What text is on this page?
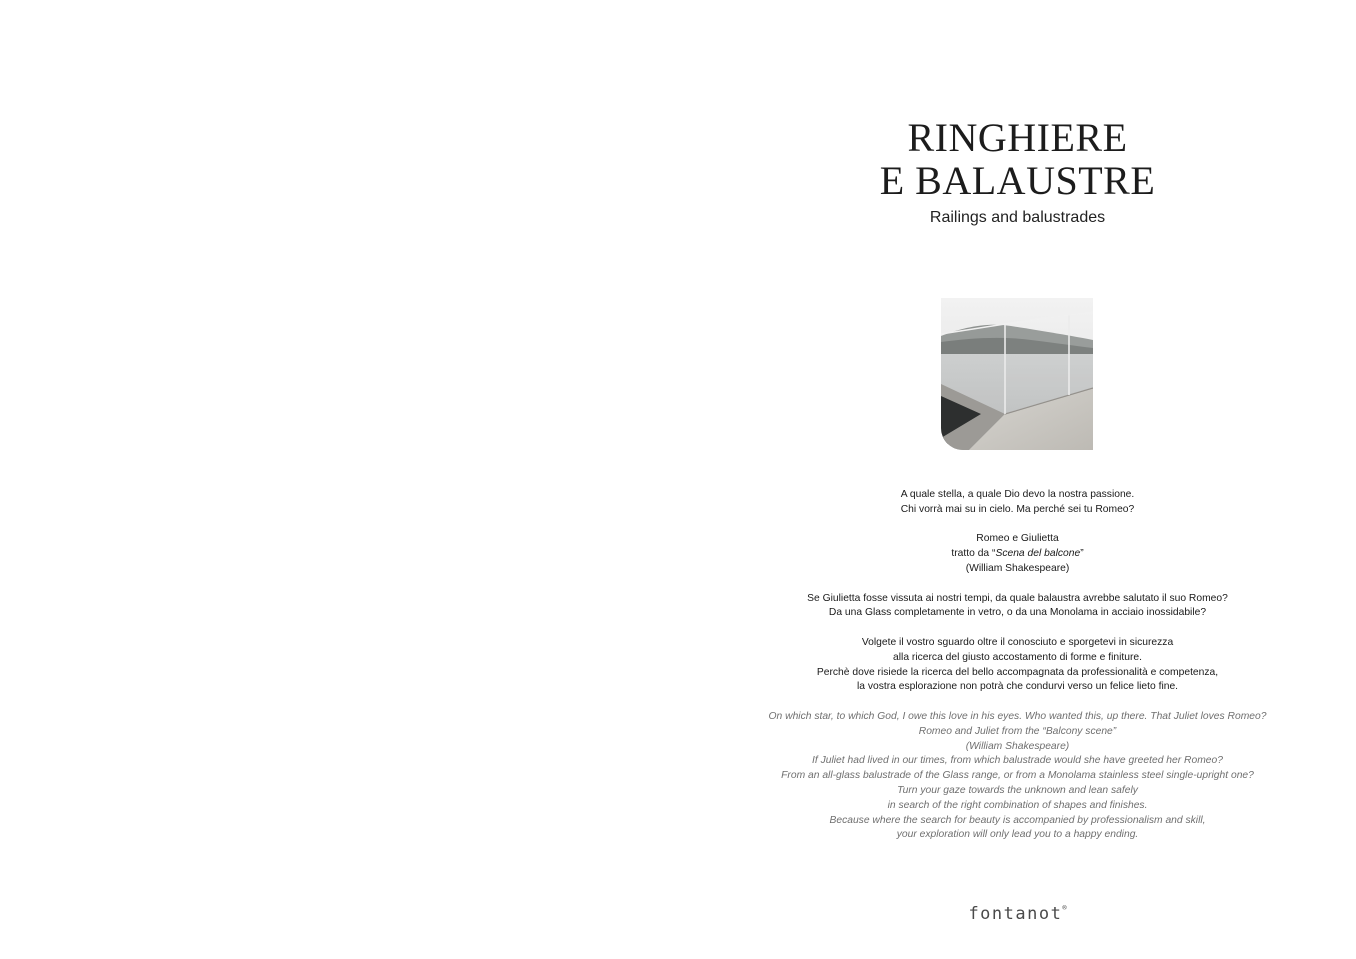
RINGHIERE
E BALAUSTRE
Railings and balustrades

A quale stella, a quale Dio devo la nostra passione.
Chi vorrà mai su in cielo. Ma perché sei tu Romeo?

Romeo e Giulietta
tratto da “Scena del balcone”
(William Shakespeare)

Se Giulietta fosse vissuta ai nostri tempi, da quale balaustra avrebbe salutato il suo Romeo?
Da una Glass completamente in vetro, o da una Monolama in acciaio inossidabile?

Volgete il vostro sguardo oltre il conosciuto e sporgetevi in sicurezza
alla ricerca del giusto accostamento di forme e finiture.
Perchè dove risiede la ricerca del bello accompagnata da professionalità e competenza,
la vostra esplorazione non potrà che condurvi verso un felice lieto fine.

On which star, to which God, I owe this love in his eyes. Who wanted this, up there. That Juliet loves Romeo?
Romeo and Juliet from the “Balcony scene”
(William Shakespeare)
If Juliet had lived in our times, from which balustrade would she have greeted her Romeo?
From an all-glass balustrade of the Glass range, or from a Monolama stainless steel single-upright one?
Turn your gaze towards the unknown and lean safely
in search of the right combination of shapes and finishes.
Because where the search for beauty is accompanied by professionalism and skill,
your exploration will only lead you to a happy ending.
fontanot®
